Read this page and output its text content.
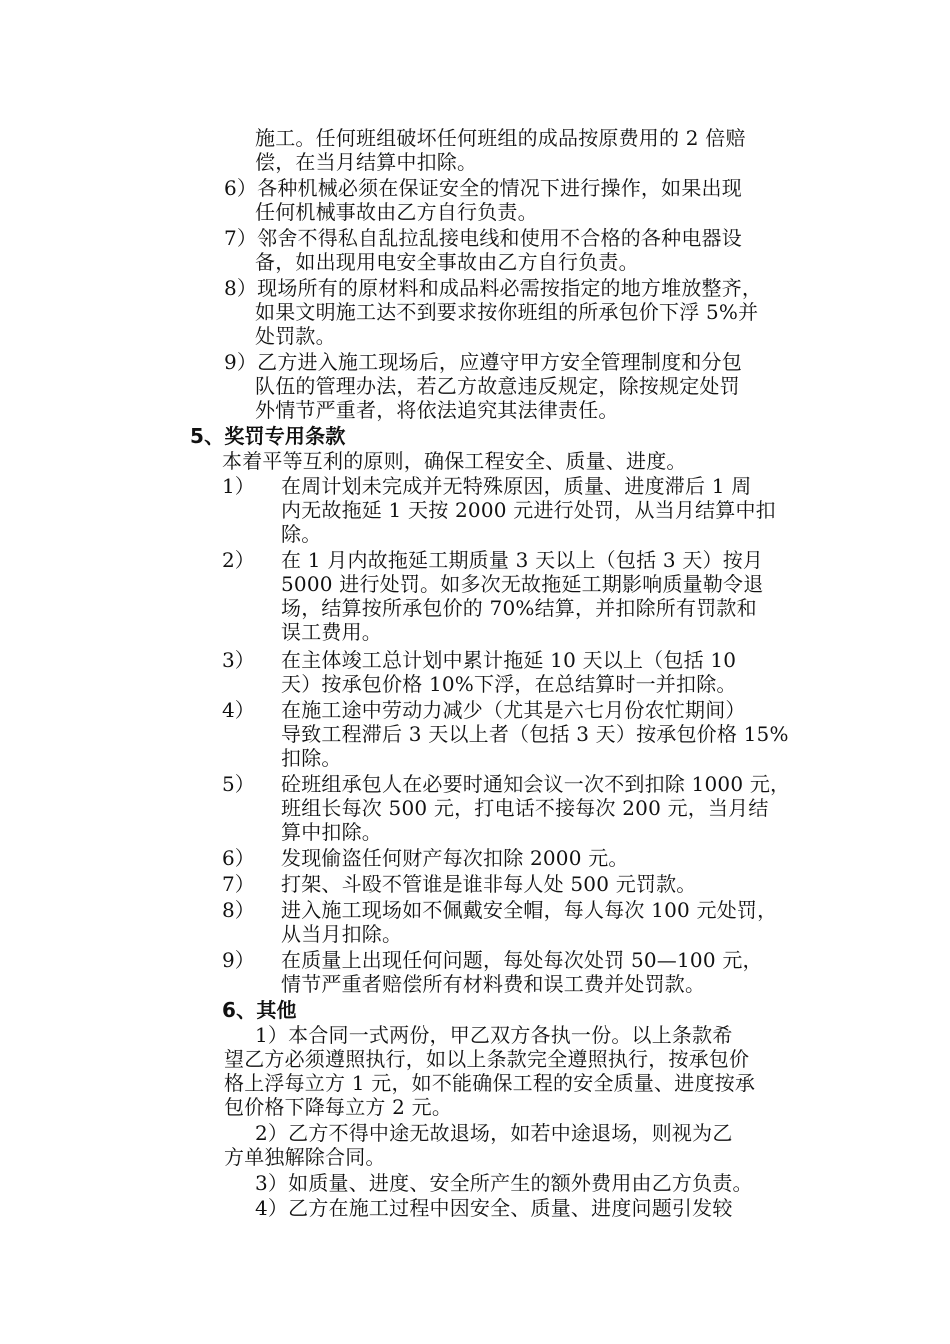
施工。任何班组破坏任何班组的成品按原费用的 2 倍赔
偿，在当月结算中扣除。
6）各种机械必须在保证安全的情况下进行操作，如果出现
任何机械事故由乙方自行负责。
7）邻舍不得私自乱拉乱接电线和使用不合格的各种电器设
备，如出现用电安全事故由乙方自行负责。
8）现场所有的原材料和成品料必需按指定的地方堆放整齐，
如果文明施工达不到要求按你班组的所承包价下浮 5%并
处罚款。
9）乙方进入施工现场后，应遵守甲方安全管理制度和分包
队伍的管理办法，若乙方故意违反规定，除按规定处罚
外情节严重者，将依法追究其法律责任。
5、奖罚专用条款
本着平等互利的原则，确保工程安全、质量、进度。
1） 在周计划未完成并无特殊原因，质量、进度滞后 1 周
内无故拖延 1 天按 2000 元进行处罚，从当月结算中扣
除。
2） 在 1 月内故拖延工期质量 3 天以上（包括 3 天）按月
5000 进行处罚。如多次无故拖延工期影响质量勒令退
场，结算按所承包价的 70%结算，并扣除所有罚款和
误工费用。
3） 在主体竣工总计划中累计拖延 10 天以上（包括 10
天）按承包价格 10%下浮，在总结算时一并扣除。
4） 在施工途中劳动力减少（尤其是六七月份农忙期间）
导致工程滞后 3 天以上者（包括 3 天）按承包价格 15%
扣除。
5） 砼班组承包人在必要时通知会议一次不到扣除 1000 元，
班组长每次 500 元，打电话不接每次 200 元，当月结
算中扣除。
6） 发现偷盗任何财产每次扣除 2000 元。
7） 打架、斗殴不管谁是谁非每人处 500 元罚款。
8） 进入施工现场如不佩戴安全帽，每人每次 100 元处罚，
从当月扣除。
9） 在质量上出现任何问题，每处每次处罚 50—100 元，
情节严重者赔偿所有材料费和误工费并处罚款。
6、其他
1）本合同一式两份，甲乙双方各执一份。以上条款希
望乙方必须遵照执行，如以上条款完全遵照执行，按承包价
格上浮每立方 1 元，如不能确保工程的安全质量、进度按承
包价格下降每立方 2 元。
2）乙方不得中途无故退场，如若中途退场，则视为乙
方单独解除合同。
3）如质量、进度、安全所产生的额外费用由乙方负责。
4）乙方在施工过程中因安全、质量、进度问题引发较
